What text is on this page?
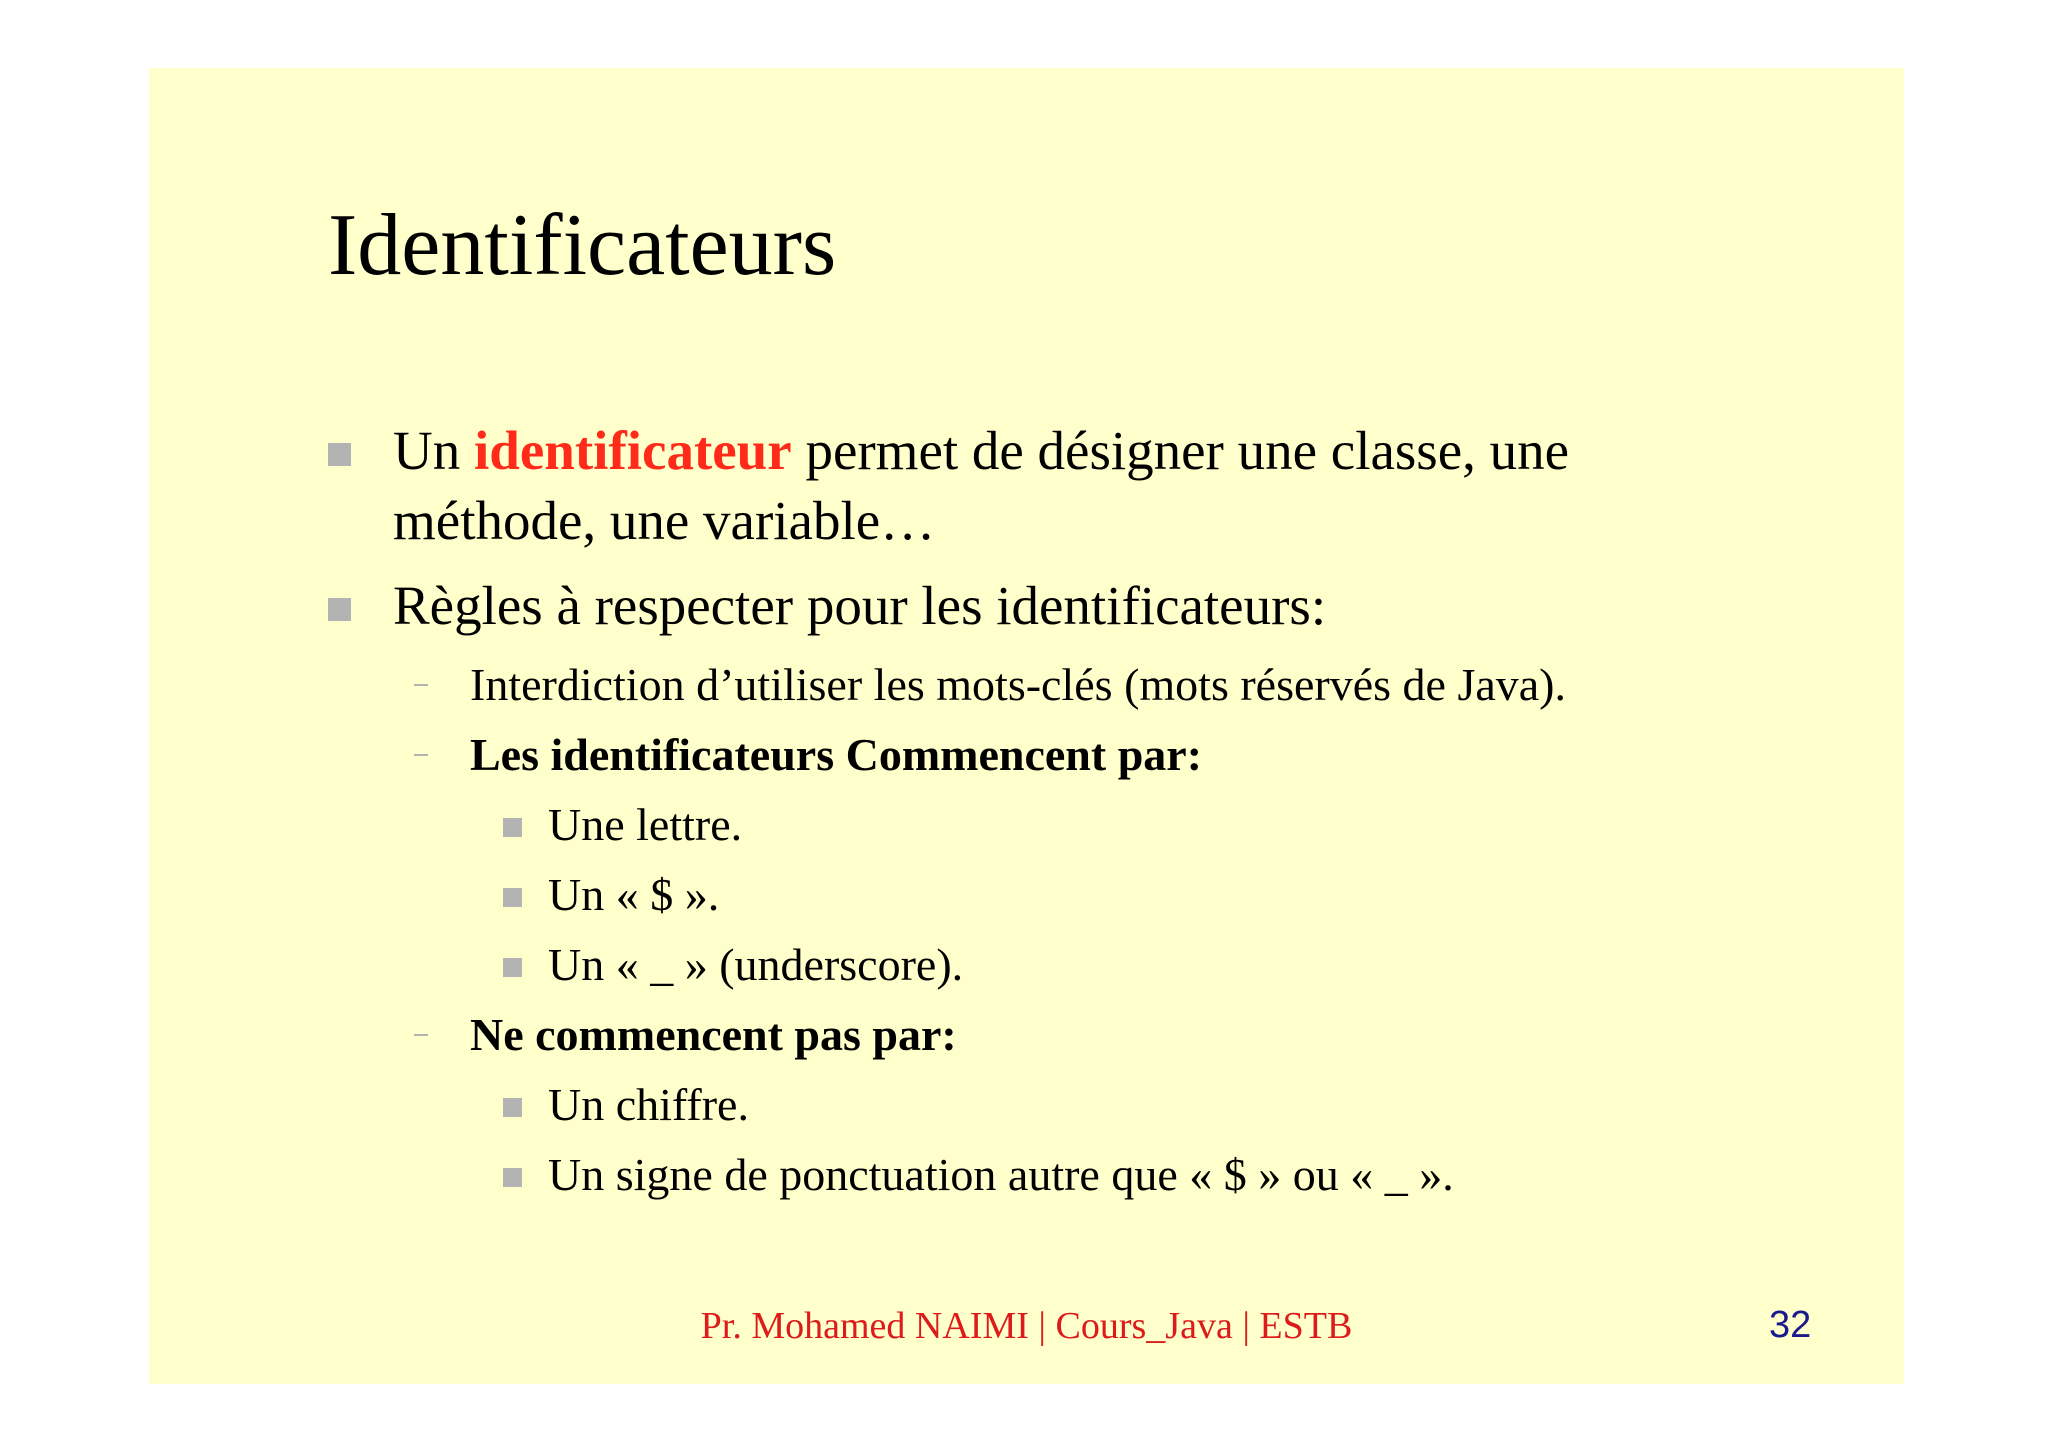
Identificateurs
Un identificateur permet de désigner une classe, une
méthode, une variable…
Règles à respecter pour les identificateurs:
Interdiction d’utiliser les mots-clés (mots réservés de Java).
Les identificateurs Commencent par:
Une lettre.
Un « $ ».
Un « _ » (underscore).
Ne commencent pas par:
Un chiffre.
Un signe de ponctuation autre que « $ » ou « _ ».
Pr. Mohamed NAIMI | Cours_Java | ESTB	32
